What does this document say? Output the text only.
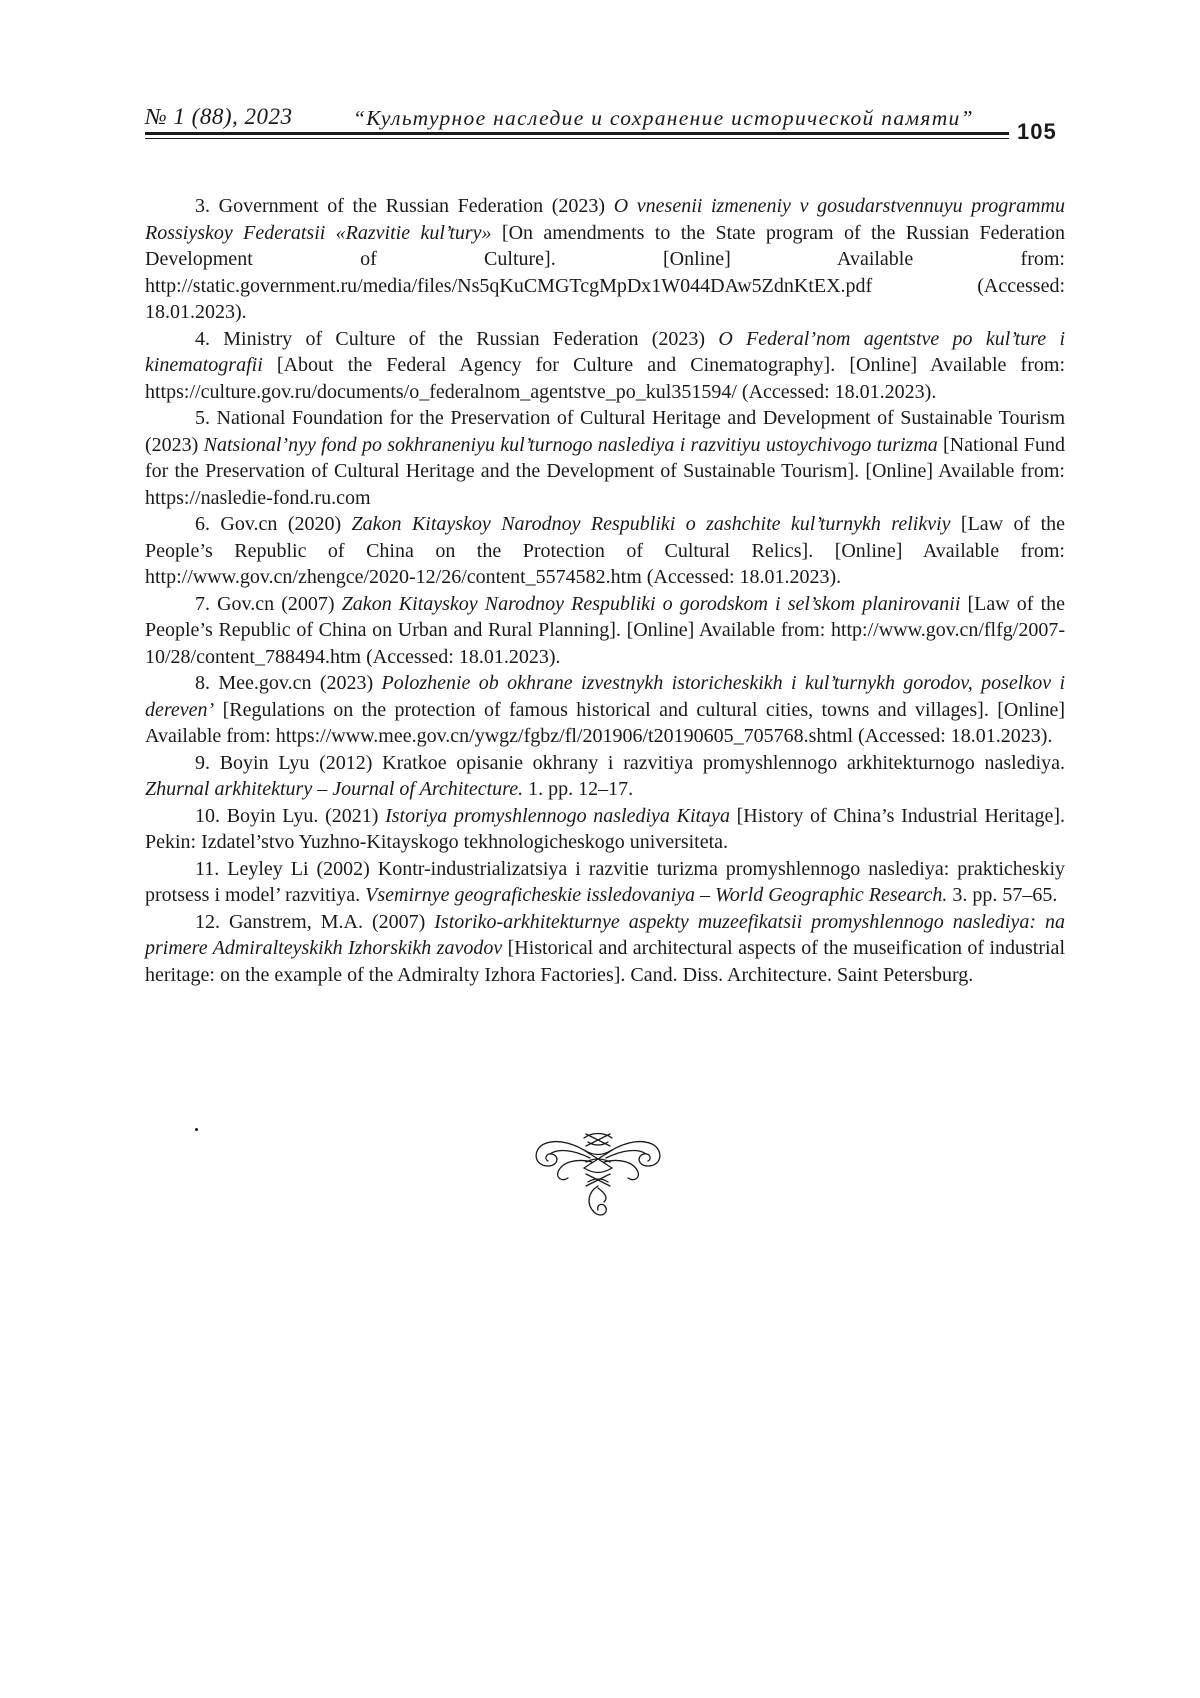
№ 1 (88), 2023	“Культурное наследие и сохранение исторической памяти”
105

3. Government of the Russian Federation (2023) O vnesenii izmeneniy v gosudarstvennuyu programmu Rossiyskoy Federatsii «Razvitie kul’tury» [On amendments to the State program of the Russian Federation Development of Culture]. [Online] Available from: http://static.government.ru/media/files/Ns5qKuCMGTcgMpDx1W044DAw5ZdnKtEX.pdf (Accessed: 18.01.2023).

4. Ministry of Culture of the Russian Federation (2023) O Federal’nom agentstve po kul’ture i kinematografii [About the Federal Agency for Culture and Cinematography]. [Online] Available from: https://culture.gov.ru/documents/o_federalnom_agentstve_po_kul351594/ (Accessed: 18.01.2023).

5. National Foundation for the Preservation of Cultural Heritage and Development of Sustainable Tourism (2023) Natsional’nyy fond po sokhraneniyu kul’turnogo naslediya i razvitiyu ustoychivogo turizma [National Fund for the Preservation of Cultural Heritage and the Development of Sustainable Tourism]. [Online] Available from: https://nasledie-fond.ru.com

6. Gov.cn (2020) Zakon Kitayskoy Narodnoy Respubliki o zashchite kul’turnykh relikviy [Law of the People’s Republic of China on the Protection of Cultural Relics]. [Online] Available from: http://www.gov.cn/zhengce/2020-12/26/content_5574582.htm (Accessed: 18.01.2023).

7. Gov.cn (2007) Zakon Kitayskoy Narodnoy Respubliki o gorodskom i sel’skom planirovanii [Law of the People’s Republic of China on Urban and Rural Planning]. [Online] Available from: http://www.gov.cn/flfg/2007-10/28/content_788494.htm (Accessed: 18.01.2023).

8. Mee.gov.cn (2023) Polozhenie ob okhrane izvestnykh istoricheskikh i kul’turnykh gorodov, poselkov i dereven’ [Regulations on the protection of famous historical and cultural cities, towns and villages]. [Online] Available from: https://www.mee.gov.cn/ywgz/fgbz/fl/201906/t20190605_705768.shtml (Accessed: 18.01.2023).

9. Boyin Lyu (2012) Kratkoe opisanie okhrany i razvitiya promyshlennogo arkhitekturnogo naslediya. Zhurnal arkhitektury – Journal of Architecture. 1. pp. 12–17.

10. Boyin Lyu. (2021) Istoriya promyshlennogo naslediya Kitaya [History of China’s Industrial Heritage]. Pekin: Izdatel’stvo Yuzhno-Kitayskogo tekhnologicheskogo universiteta.

11. Leyley Li (2002) Kontr-industrializatsiya i razvitie turizma promyshlennogo naslediya: prakticheskiy protsess i model’ razvitiya. Vsemirnye geograficheskie issledovaniya – World Geographic Research. 3. pp. 57–65.

12. Ganstrem, M.A. (2007) Istoriko-arkhitekturnye aspekty muzeefikatsii promyshlennogo naslediya: na primere Admiralteyskikh Izhorskikh zavodov [Historical and architectural aspects of the museification of industrial heritage: on the example of the Admiralty Izhora Factories]. Cand. Diss. Architecture. Saint Petersburg.
